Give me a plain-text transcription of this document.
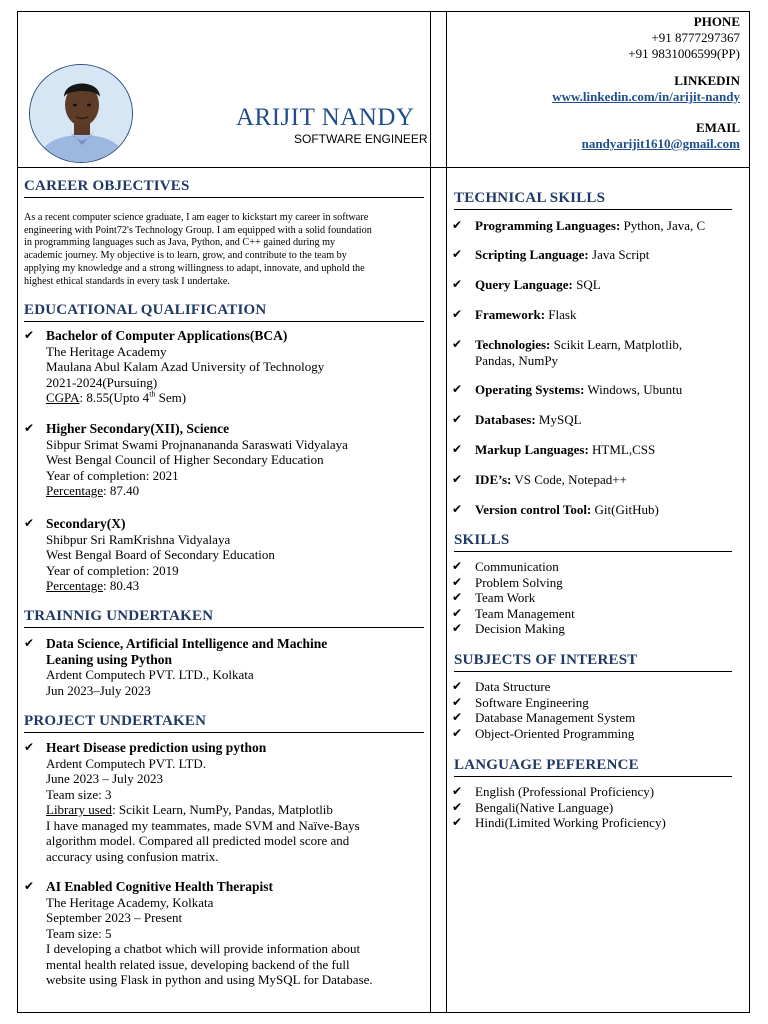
ARIJIT NANDY
SOFTWARE ENGINEER
PHONE
+91 8777297367
+91 9831006599(PP)
LINKEDIN
www.linkedin.com/in/arijit-nandy
EMAIL
nandyarijit1610@gmail.com
CAREER OBJECTIVES
As a recent computer science graduate, I am eager to kickstart my career in software
engineering with Point72's Technology Group. I am equipped with a solid foundation
in programming languages such as Java, Python, and C++ gained during my
academic journey. My objective is to learn, grow, and contribute to the team by
applying my knowledge and a strong willingness to adapt, innovate, and uphold the
highest ethical standards in every task I undertake.
EDUCATIONAL QUALIFICATION
✔ Bachelor of Computer Applications(BCA)
The Heritage Academy
Maulana Abul Kalam Azad University of Technology
2021-2024(Pursuing)
CGPA: 8.55(Upto 4th Sem)
✔ Higher Secondary(XII), Science
Sibpur Srimat Swami Projnanananda Saraswati Vidyalaya
West Bengal Council of Higher Secondary Education
Year of completion: 2021
Percentage: 87.40
✔ Secondary(X)
Shibpur Sri RamKrishna Vidyalaya
West Bengal Board of Secondary Education
Year of completion: 2019
Percentage: 80.43
TRAINNIG UNDERTAKEN
✔ Data Science, Artificial Intelligence and Machine
Leaning using Python
Ardent Computech PVT. LTD., Kolkata
Jun 2023–July 2023
PROJECT UNDERTAKEN
✔ Heart Disease prediction using python
Ardent Computech PVT. LTD.
June 2023 – July 2023
Team size: 3
Library used: Scikit Learn, NumPy, Pandas, Matplotlib
I have managed my teammates, made SVM and Naïve-Bays
algorithm model. Compared all predicted model score and
accuracy using confusion matrix.
✔ AI Enabled Cognitive Health Therapist
The Heritage Academy, Kolkata
September 2023 – Present
Team size: 5
I developing a chatbot which will provide information about
mental health related issue, developing backend of the full
website using Flask in python and using MySQL for Database.
TECHNICAL SKILLS
✔ Programming Languages: Python, Java, C
✔ Scripting Language: Java Script
✔ Query Language: SQL
✔ Framework: Flask
✔ Technologies: Scikit Learn, Matplotlib,
Pandas, NumPy
✔ Operating Systems: Windows, Ubuntu
✔ Databases: MySQL
✔ Markup Languages: HTML,CSS
✔ IDE’s: VS Code, Notepad++
✔ Version control Tool: Git(GitHub)
SKILLS
✔ Communication
✔ Problem Solving
✔ Team Work
✔ Team Management
✔ Decision Making
SUBJECTS OF INTEREST
✔ Data Structure
✔ Software Engineering
✔ Database Management System
✔ Object-Oriented Programming
LANGUAGE PEFERENCE
✔ English (Professional Proficiency)
✔ Bengali(Native Language)
✔ Hindi(Limited Working Proficiency)
